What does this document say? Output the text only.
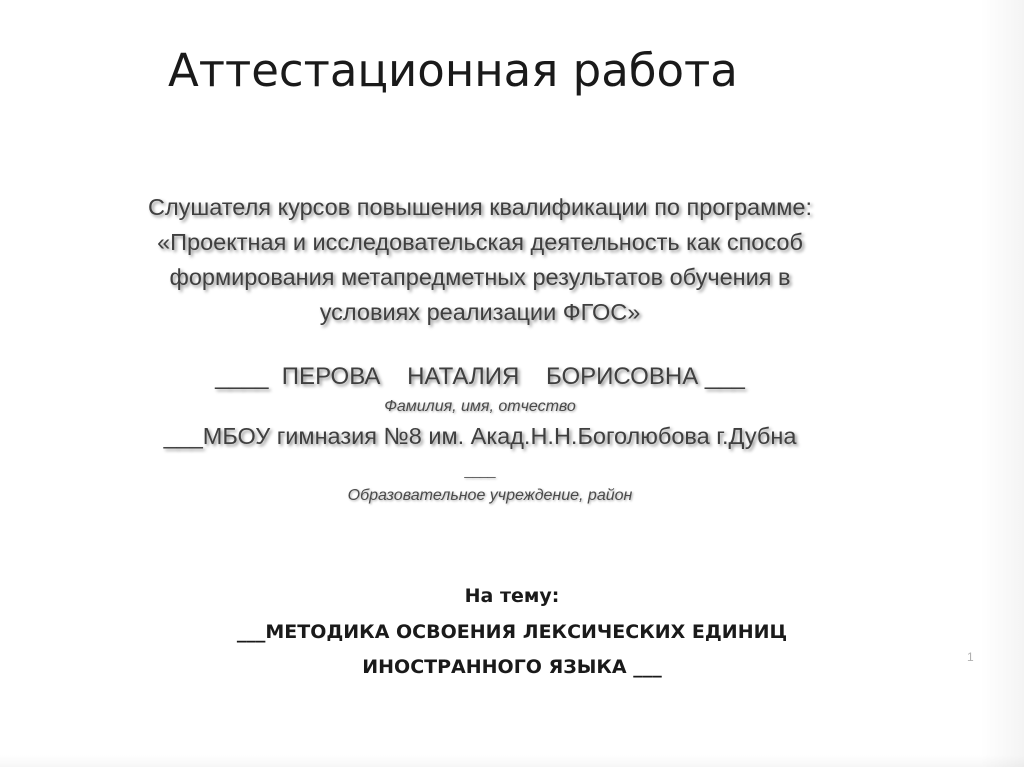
Аттестационная работа
Слушателя курсов повышения квалификации по программе:
«Проектная и исследовательская деятельность как способ
формирования метапредметных результатов обучения в
условиях реализации ФГОС»
____  ПЕРОВА    НАТАЛИЯ    БОРИСОВНА ___
Фамилия, имя, отчество
___МБОУ гимназия №8 им. Акад.Н.Н.Боголюбова г.Дубна
____
Образовательное учреждение, район
На тему:
___МЕТОДИКА ОСВОЕНИЯ ЛЕКСИЧЕСКИХ ЕДИНИЦ
ИНОСТРАННОГО ЯЗЫКА ___	1
